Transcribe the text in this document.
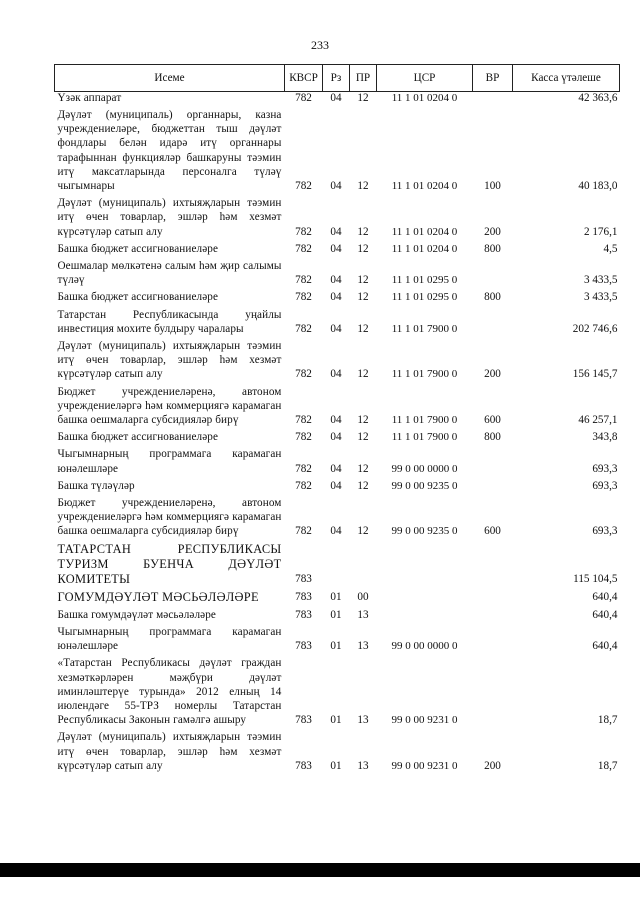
233
Исеме	КВСР	Рз	ПР	ЦСР	ВР	Касса үтәлеше
Үзәк аппарат	782	04	12	11 1 01 0204 0		42 363,6
Дәүләт (муниципаль) органнары, казна учреждениеләре, бюджеттан тыш дәүләт фондлары белән идарә итү органнары тарафыннан функцияләр башкаруны тәэмин итү максатларында персоналга түләү чыгымнары	782	04	12	11 1 01 0204 0	100	40 183,0
Дәүләт (муниципаль) ихтыяҗларын тәэмин итү өчен товарлар, эшләр һәм хезмәт күрсәтүләр сатып алу	782	04	12	11 1 01 0204 0	200	2 176,1
Башка бюджет ассигнованиеләре	782	04	12	11 1 01 0204 0	800	4,5
Оешмалар мөлкәтенә салым һәм җир салымы түләү	782	04	12	11 1 01 0295 0		3 433,5
Башка бюджет ассигнованиеләре	782	04	12	11 1 01 0295 0	800	3 433,5
Татарстан Республикасында уңайлы инвестиция мохите булдыру чаралары	782	04	12	11 1 01 7900 0		202 746,6
Дәүләт (муниципаль) ихтыяҗларын тәэмин итү өчен товарлар, эшләр һәм хезмәт күрсәтүләр сатып алу	782	04	12	11 1 01 7900 0	200	156 145,7
Бюджет учреждениеләренә, автоном учреждениеләргә һәм коммерциягә карамаган башка оешмаларга субсидияләр бирү	782	04	12	11 1 01 7900 0	600	46 257,1
Башка бюджет ассигнованиеләре	782	04	12	11 1 01 7900 0	800	343,8
Чыгымнарның программага карамаган юнәлешләре	782	04	12	99 0 00 0000 0		693,3
Башка түләүләр	782	04	12	99 0 00 9235 0		693,3
Бюджет учреждениеләренә, автоном учреждениеләргә һәм коммерциягә карамаган башка оешмаларга субсидияләр бирү	782	04	12	99 0 00 9235 0	600	693,3
ТАТАРСТАН РЕСПУБЛИКАСЫ ТУРИЗМ БУЕНЧА ДӘҮЛӘТ КОМИТЕТЫ	783					115 104,5
ГОМУМДӘҮЛӘТ МӘСЬӘЛӘЛӘРЕ	783	01	00			640,4
Башка гомумдәүләт мәсьәләләре	783	01	13			640,4
Чыгымнарның программага карамаган юнәлешләре	783	01	13	99 0 00 0000 0		640,4
«Татарстан Республикасы дәүләт граждан хезмәткәрләрен мәҗбүри дәүләт иминләштерүе турында» 2012 елның 14 июлендәге 55-ТРЗ номерлы Татарстан Республикасы Законын гамәлгә ашыру	783	01	13	99 0 00 9231 0		18,7
Дәүләт (муниципаль) ихтыяҗларын тәэмин итү өчен товарлар, эшләр һәм хезмәт күрсәтүләр сатып алу	783	01	13	99 0 00 9231 0	200	18,7
